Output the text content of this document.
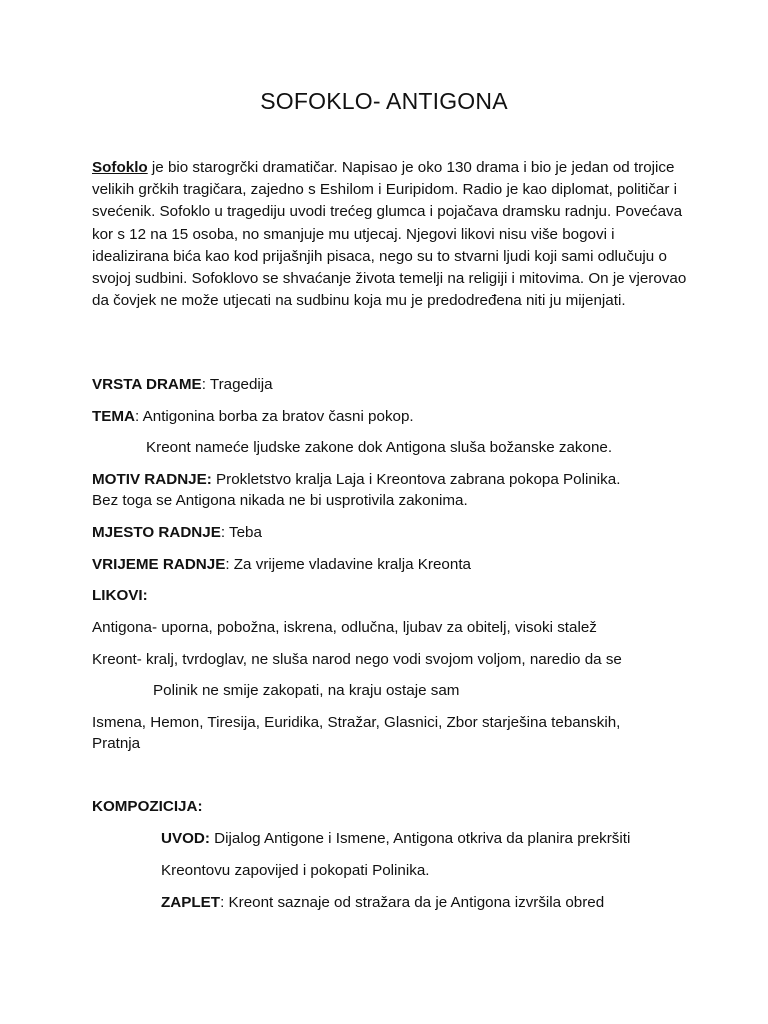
SOFOKLO- ANTIGONA

Sofoklo je bio starogrčki dramatičar. Napisao je oko 130 drama i bio je jedan od trojice velikih grčkih tragičara, zajedno s Eshilom i Euripidom. Radio je kao diplomat, političar i svećenik. Sofoklo u tragediju uvodi trećeg glumca i pojačava dramsku radnju. Povećava kor s 12 na 15 osoba, no smanjuje mu utjecaj. Njegovi likovi nisu više bogovi i idealizirana bića kao kod prijašnjih pisaca, nego su to stvarni ljudi koji sami odlučuju o svojoj sudbini. Sofoklovo se shvaćanje života temelji na religiji i mitovima. On je vjerovao da čovjek ne može utjecati na sudbinu koja mu je predodređena niti ju mijenjati.

VRSTA DRAME: Tragedija
TEMA: Antigonina borba za bratov časni pokop.
Kreont nameće ljudske zakone dok Antigona sluša božanske zakone.
MOTIV RADNJE: Prokletstvo kralja Laja i Kreontova zabrana pokopa Polinika.
Bez toga se Antigona nikada ne bi usprotivila zakonima.
MJESTO RADNJE: Teba
VRIJEME RADNJE: Za vrijeme vladavine kralja Kreonta
LIKOVI:
Antigona- uporna, pobožna, iskrena, odlučna, ljubav za obitelj, visoki stalež
Kreont- kralj, tvrdoglav, ne sluša narod nego vodi svojom voljom, naredio da se
Polinik ne smije zakopati, na kraju ostaje sam
Ismena, Hemon, Tiresija, Euridika, Stražar, Glasnici, Zbor starješina tebanskih,
Pratnja
KOMPOZICIJA:
UVOD: Dijalog Antigone i Ismene, Antigona otkriva da planira prekršiti
Kreontovu zapovijed i pokopati Polinika.
ZAPLET: Kreont saznaje od stražara da je Antigona izvršila obred
